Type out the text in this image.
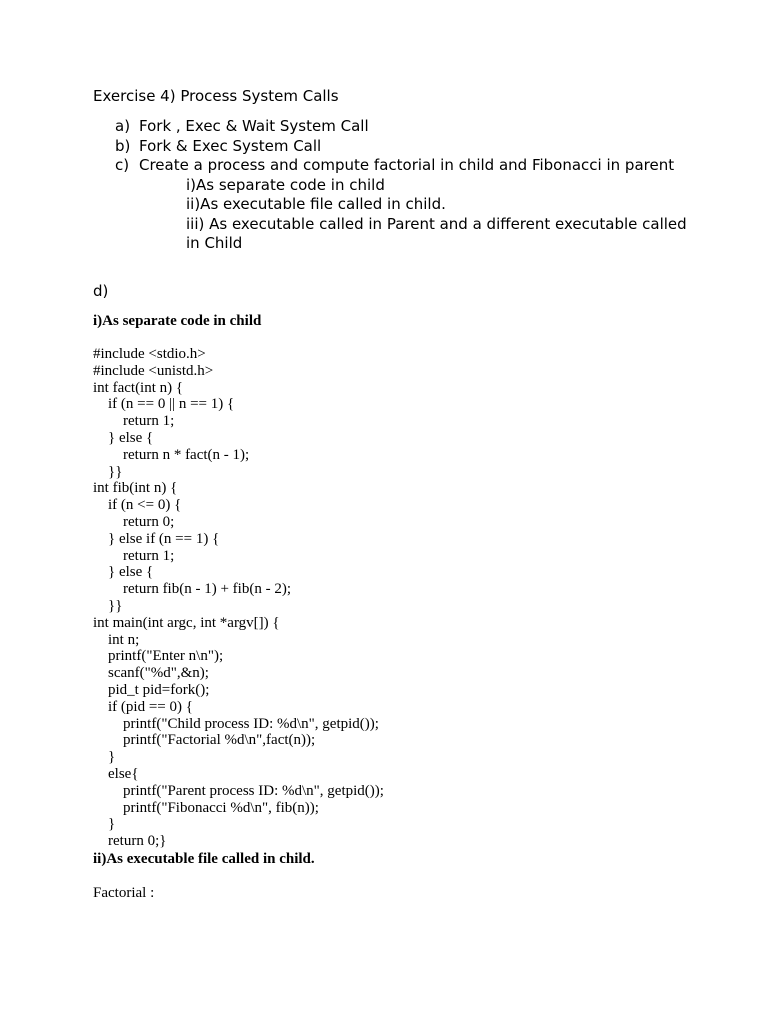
Exercise 4) Process System Calls
a) Fork , Exec & Wait System Call
b) Fork & Exec System Call
c) Create a process and compute factorial in child and Fibonacci in parent
i)As separate code in child
ii)As executable file called in child.
iii) As executable called in Parent and a different executable called in Child

d)

i)As separate code in child

#include <stdio.h>
#include <unistd.h>
int fact(int n) {
if (n == 0 || n == 1) {
return 1;
} else {
return n * fact(n - 1);
}}
int fib(int n) {
if (n <= 0) {
return 0;
} else if (n == 1) {
return 1;
} else {
return fib(n - 1) + fib(n - 2);
}}
int main(int argc, int *argv[]) {
int n;
printf("Enter n\n");
scanf("%d",&n);
pid_t pid=fork();
if (pid == 0) {
printf("Child process ID: %d\n", getpid());
printf("Factorial %d\n",fact(n));
}
else{
printf("Parent process ID: %d\n", getpid());
printf("Fibonacci %d\n", fib(n));
}
return 0;}

ii)As executable file called in child.

Factorial :
